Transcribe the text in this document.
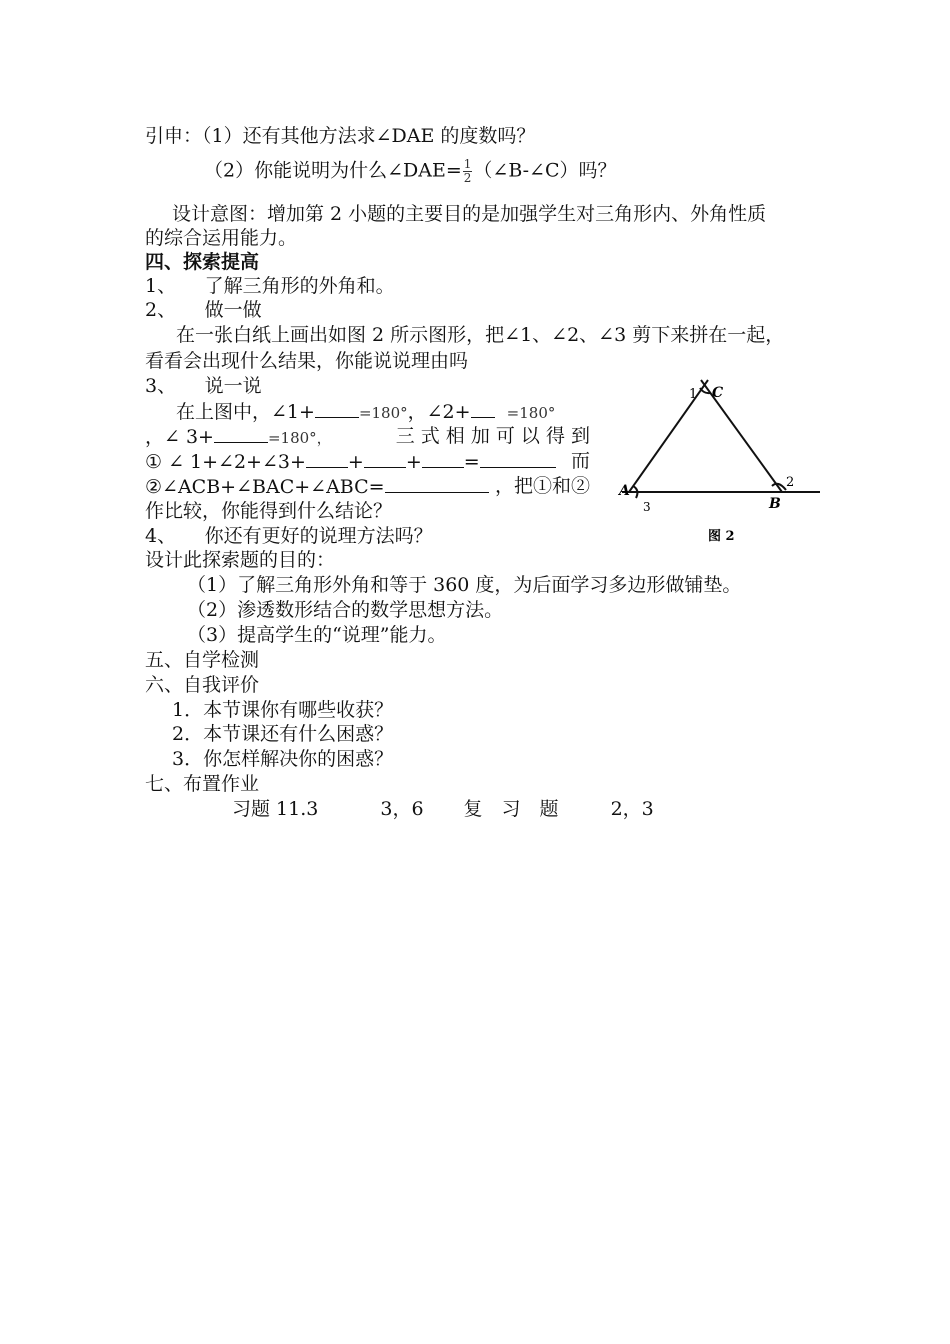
引申：（1）还有其他方法求∠DAE 的度数吗？
（2）你能说明为什么∠DAE= $\frac{1}{2}$ （∠B-∠C）吗？
设计意图：增加第 2 小题的主要目的是加强学生对三角形内、外角性质
的综合运用能力。
四、探索提高
1、　　了解三角形的外角和。
2、　　做一做
在一张白纸上画出如图 2 所示图形，把∠1、∠2、∠3 剪下来拼在一起，
看看会出现什么结果，你能说说理由吗
3、　　说一说
在上图中，∠1+	=180°，∠2+ =180°
，∠ 3+	=180°，	三 式 相 加 可 以 得 到
① ∠ 1+∠2+∠3+ + + =	而
②∠ACB+∠BAC+∠ABC=	，把①和②
作比较，你能得到什么结论？
4、　　你还有更好的说理方法吗？
设计此探索题的目的：
（1）了解三角形外角和等于 360 度，为后面学习多边形做铺垫。
（2）渗透数形结合的数学思想方法。
（3）提高学生的“说理”能力。
五、自学检测
六、自我评价
1．本节课你有哪些收获？
2．本节课还有什么困惑？
3．你怎样解决你的困惑？
七、布置作业
习题 11.3	3，6 复　习　题	2，3
1 C
A
3	B
2
图 2
